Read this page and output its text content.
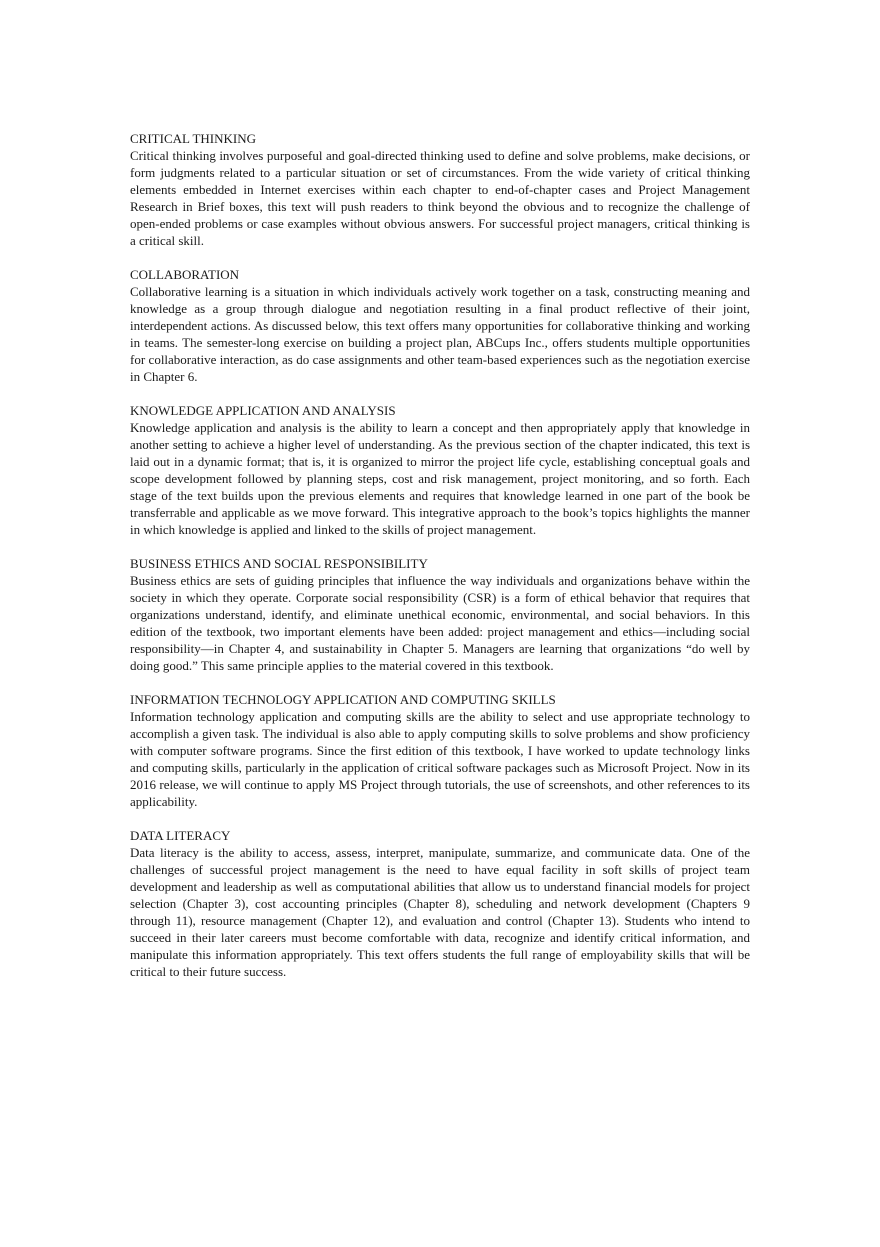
CRITICAL THINKING

Critical thinking involves purposeful and goal-directed thinking used to define and solve problems, make decisions, or form judgments related to a particular situation or set of circumstances. From the wide variety of critical thinking elements embedded in Internet exercises within each chapter to end-of-chapter cases and Project Management Research in Brief boxes, this text will push readers to think beyond the obvious and to recognize the challenge of open-ended problems or case examples without obvious answers. For successful project managers, critical thinking is a critical skill.

COLLABORATION

Collaborative learning is a situation in which individuals actively work together on a task, constructing meaning and knowledge as a group through dialogue and negotiation resulting in a final product reflective of their joint, interdependent actions. As discussed below, this text offers many opportunities for collaborative thinking and working in teams. The semester-long exercise on building a project plan, ABCups Inc., offers students multiple opportunities for collaborative interaction, as do case assignments and other team-based experiences such as the negotiation exercise in Chapter 6.

KNOWLEDGE APPLICATION AND ANALYSIS

Knowledge application and analysis is the ability to learn a concept and then appropriately apply that knowledge in another setting to achieve a higher level of understanding. As the previous section of the chapter indicated, this text is laid out in a dynamic format; that is, it is organized to mirror the project life cycle, establishing conceptual goals and scope development followed by planning steps, cost and risk management, project monitoring, and so forth. Each stage of the text builds upon the previous elements and requires that knowledge learned in one part of the book be transferrable and applicable as we move forward. This integrative approach to the book’s topics highlights the manner in which knowledge is applied and linked to the skills of project management.

BUSINESS ETHICS AND SOCIAL RESPONSIBILITY

Business ethics are sets of guiding principles that influence the way individuals and organizations behave within the society in which they operate. Corporate social responsibility (CSR) is a form of ethical behavior that requires that organizations understand, identify, and eliminate unethical economic, environmental, and social behaviors. In this edition of the textbook, two important elements have been added: project management and ethics—including social responsibility—in Chapter 4, and sustainability in Chapter 5. Managers are learning that organizations “do well by doing good.” This same principle applies to the material covered in this textbook.

INFORMATION TECHNOLOGY APPLICATION AND COMPUTING SKILLS

Information technology application and computing skills are the ability to select and use appropriate technology to accomplish a given task. The individual is also able to apply computing skills to solve problems and show proficiency with computer software programs. Since the first edition of this textbook, I have worked to update technology links and computing skills, particularly in the application of critical software packages such as Microsoft Project. Now in its 2016 release, we will continue to apply MS Project through tutorials, the use of screenshots, and other references to its applicability.

DATA LITERACY

Data literacy is the ability to access, assess, interpret, manipulate, summarize, and communicate data. One of the challenges of successful project management is the need to have equal facility in soft skills of project team development and leadership as well as computational abilities that allow us to understand financial models for project selection (Chapter 3), cost accounting principles (Chapter 8), scheduling and network development (Chapters 9 through 11), resource management (Chapter 12), and evaluation and control (Chapter 13). Students who intend to succeed in their later careers must become comfortable with data, recognize and identify critical information, and manipulate this information appropriately. This text offers students the full range of employability skills that will be critical to their future success.
